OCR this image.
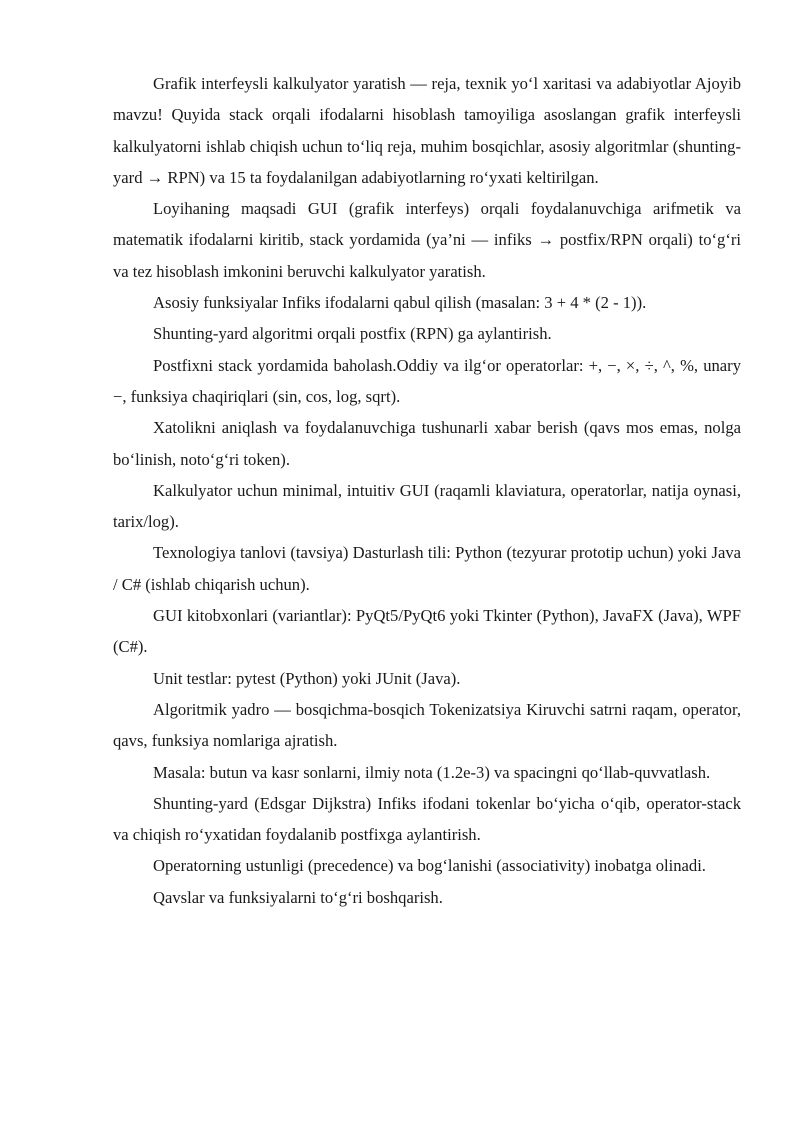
Grafik interfeysli kalkulyator yaratish — reja, texnik yo‘l xaritasi va adabiyotlar Ajoyib mavzu! Quyida stack orqali ifodalarni hisoblash tamoyiliga asoslangan grafik interfeysli kalkulyatorni ishlab chiqish uchun to‘liq reja, muhim bosqichlar, asosiy algoritmlar (shunting-yard → RPN) va 15 ta foydalanilgan adabiyotlarning ro‘yxati keltirilgan.

Loyihaning maqsadi GUI (grafik interfeys) orqali foydalanuvchiga arifmetik va matematik ifodalarni kiritib, stack yordamida (ya’ni — infiks → postfix/RPN orqali) to‘g‘ri va tez hisoblash imkonini beruvchi kalkulyator yaratish.

Asosiy funksiyalar Infiks ifodalarni qabul qilish (masalan: 3 + 4 * (2 - 1)).

Shunting-yard algoritmi orqali postfix (RPN) ga aylantirish.

Postfixni stack yordamida baholash.Oddiy va ilg‘or operatorlar: +, −, ×, ÷, ^, %, unary −, funksiya chaqiriqlari (sin, cos, log, sqrt).

Xatolikni aniqlash va foydalanuvchiga tushunarli xabar berish (qavs mos emas, nolga bo‘linish, noto‘g‘ri token).

Kalkulyator uchun minimal, intuitiv GUI (raqamli klaviatura, operatorlar, natija oynasi, tarix/log).

Texnologiya tanlovi (tavsiya) Dasturlash tili: Python (tezyurar prototip uchun) yoki Java / C# (ishlab chiqarish uchun).

GUI kitobxonlari (variantlar): PyQt5/PyQt6 yoki Tkinter (Python), JavaFX (Java), WPF (C#).

Unit testlar: pytest (Python) yoki JUnit (Java).

Algoritmik yadro — bosqichma-bosqich Tokenizatsiya Kiruvchi satrni raqam, operator, qavs, funksiya nomlariga ajratish.

Masala: butun va kasr sonlarni, ilmiy nota (1.2e-3) va spacingni qo‘llab-quvvatlash.

Shunting-yard (Edsgar Dijkstra) Infiks ifodani tokenlar bo‘yicha o‘qib, operator-stack va chiqish ro‘yxatidan foydalanib postfixga aylantirish.

Operatorning ustunligi (precedence) va bog‘lanishi (associativity) inobatga olinadi.

Qavslar va funksiyalarni to‘g‘ri boshqarish.
